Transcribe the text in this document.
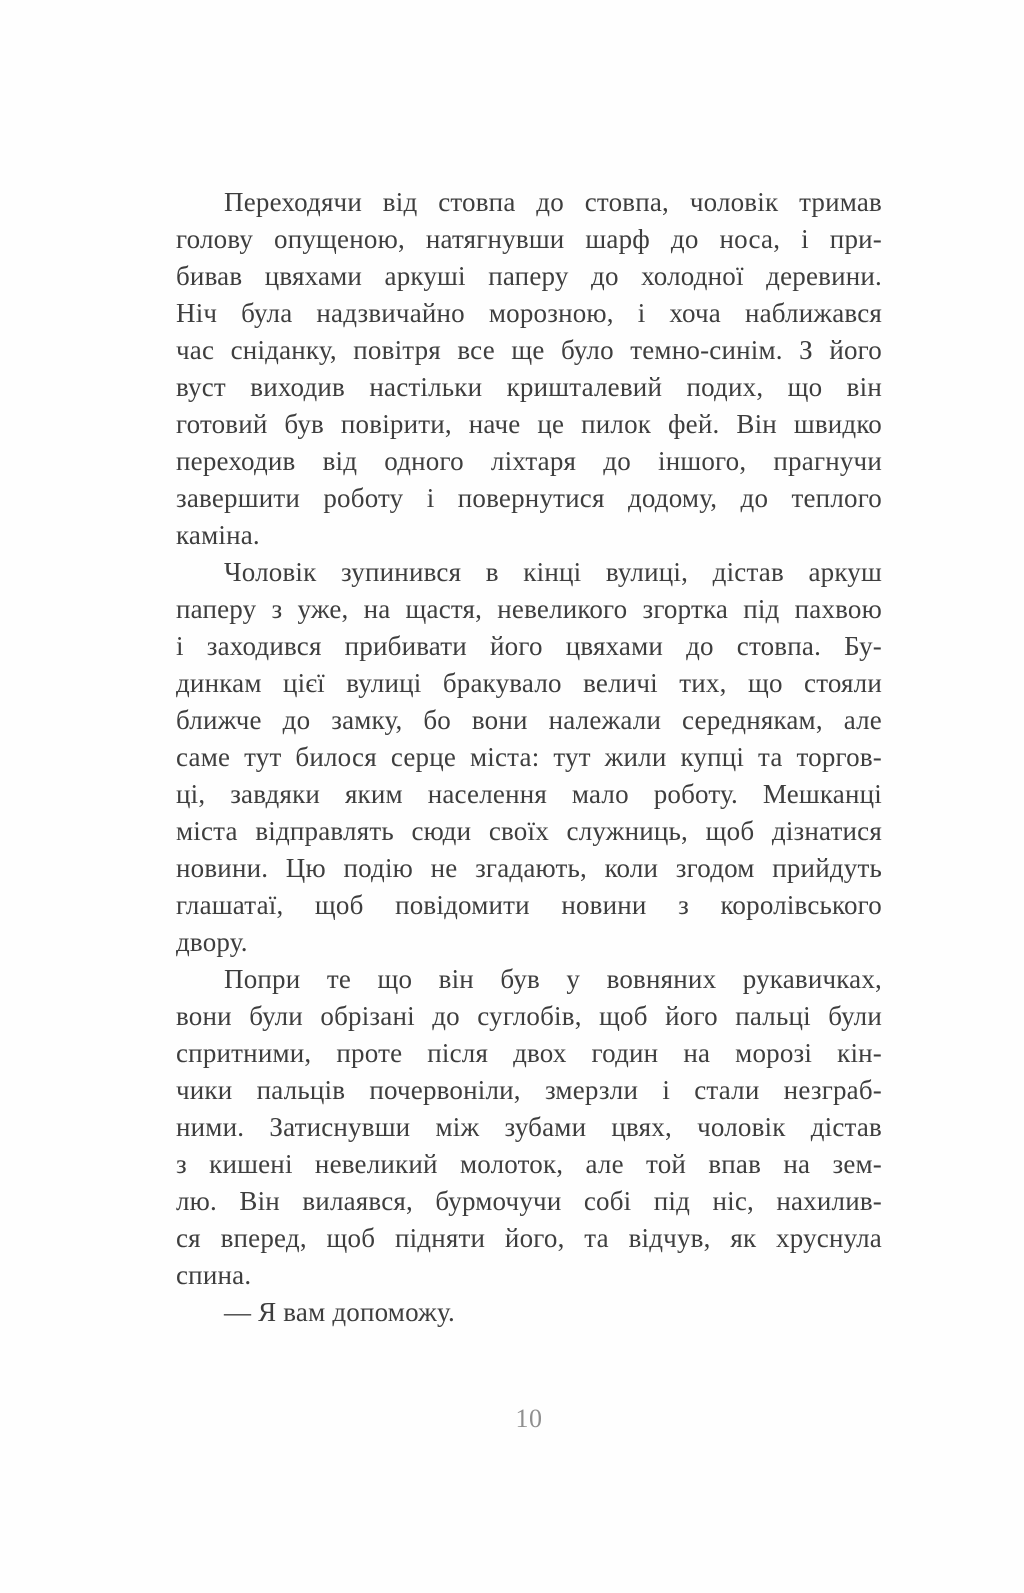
Переходячи від стовпа до стовпа, чоловік тримав
голову опущеною, натягнувши шарф до носа, і при-
бивав цвяхами аркуші паперу до холодної деревини.
Ніч була надзвичайно морозною, і хоча наближався
час сніданку, повітря все ще було темно-синім. З його
вуст виходив настільки кришталевий подих, що він
готовий був повірити, наче це пилок фей. Він швидко
переходив від одного ліхтаря до іншого, прагнучи
завершити роботу і повернутися додому, до теплого
каміна.
Чоловік зупинився в кінці вулиці, дістав аркуш
паперу з уже, на щастя, невеликого згортка під пахвою
і заходився прибивати його цвяхами до стовпа. Бу-
динкам цієї вулиці бракувало величі тих, що стояли
ближче до замку, бо вони належали середнякам, але
саме тут билося серце міста: тут жили купці та торгов-
ці, завдяки яким населення мало роботу. Мешканці
міста відправлять сюди своїх служниць, щоб дізнатися
новини. Цю подію не згадають, коли згодом прийдуть
глашатаї, щоб повідомити новини з королівського
двору.
Попри те що він був у вовняних рукавичках,
вони були обрізані до суглобів, щоб його пальці були
спритними, проте після двох годин на морозі кін-
чики пальців почервоніли, змерзли і стали незграб-
ними. Затиснувши між зубами цвях, чоловік дістав
з кишені невеликий молоток, але той впав на зем-
лю. Він вилаявся, бурмочучи собі під ніс, нахилив-
ся вперед, щоб підняти його, та відчув, як хруснула
спина.
— Я вам допоможу.
10
